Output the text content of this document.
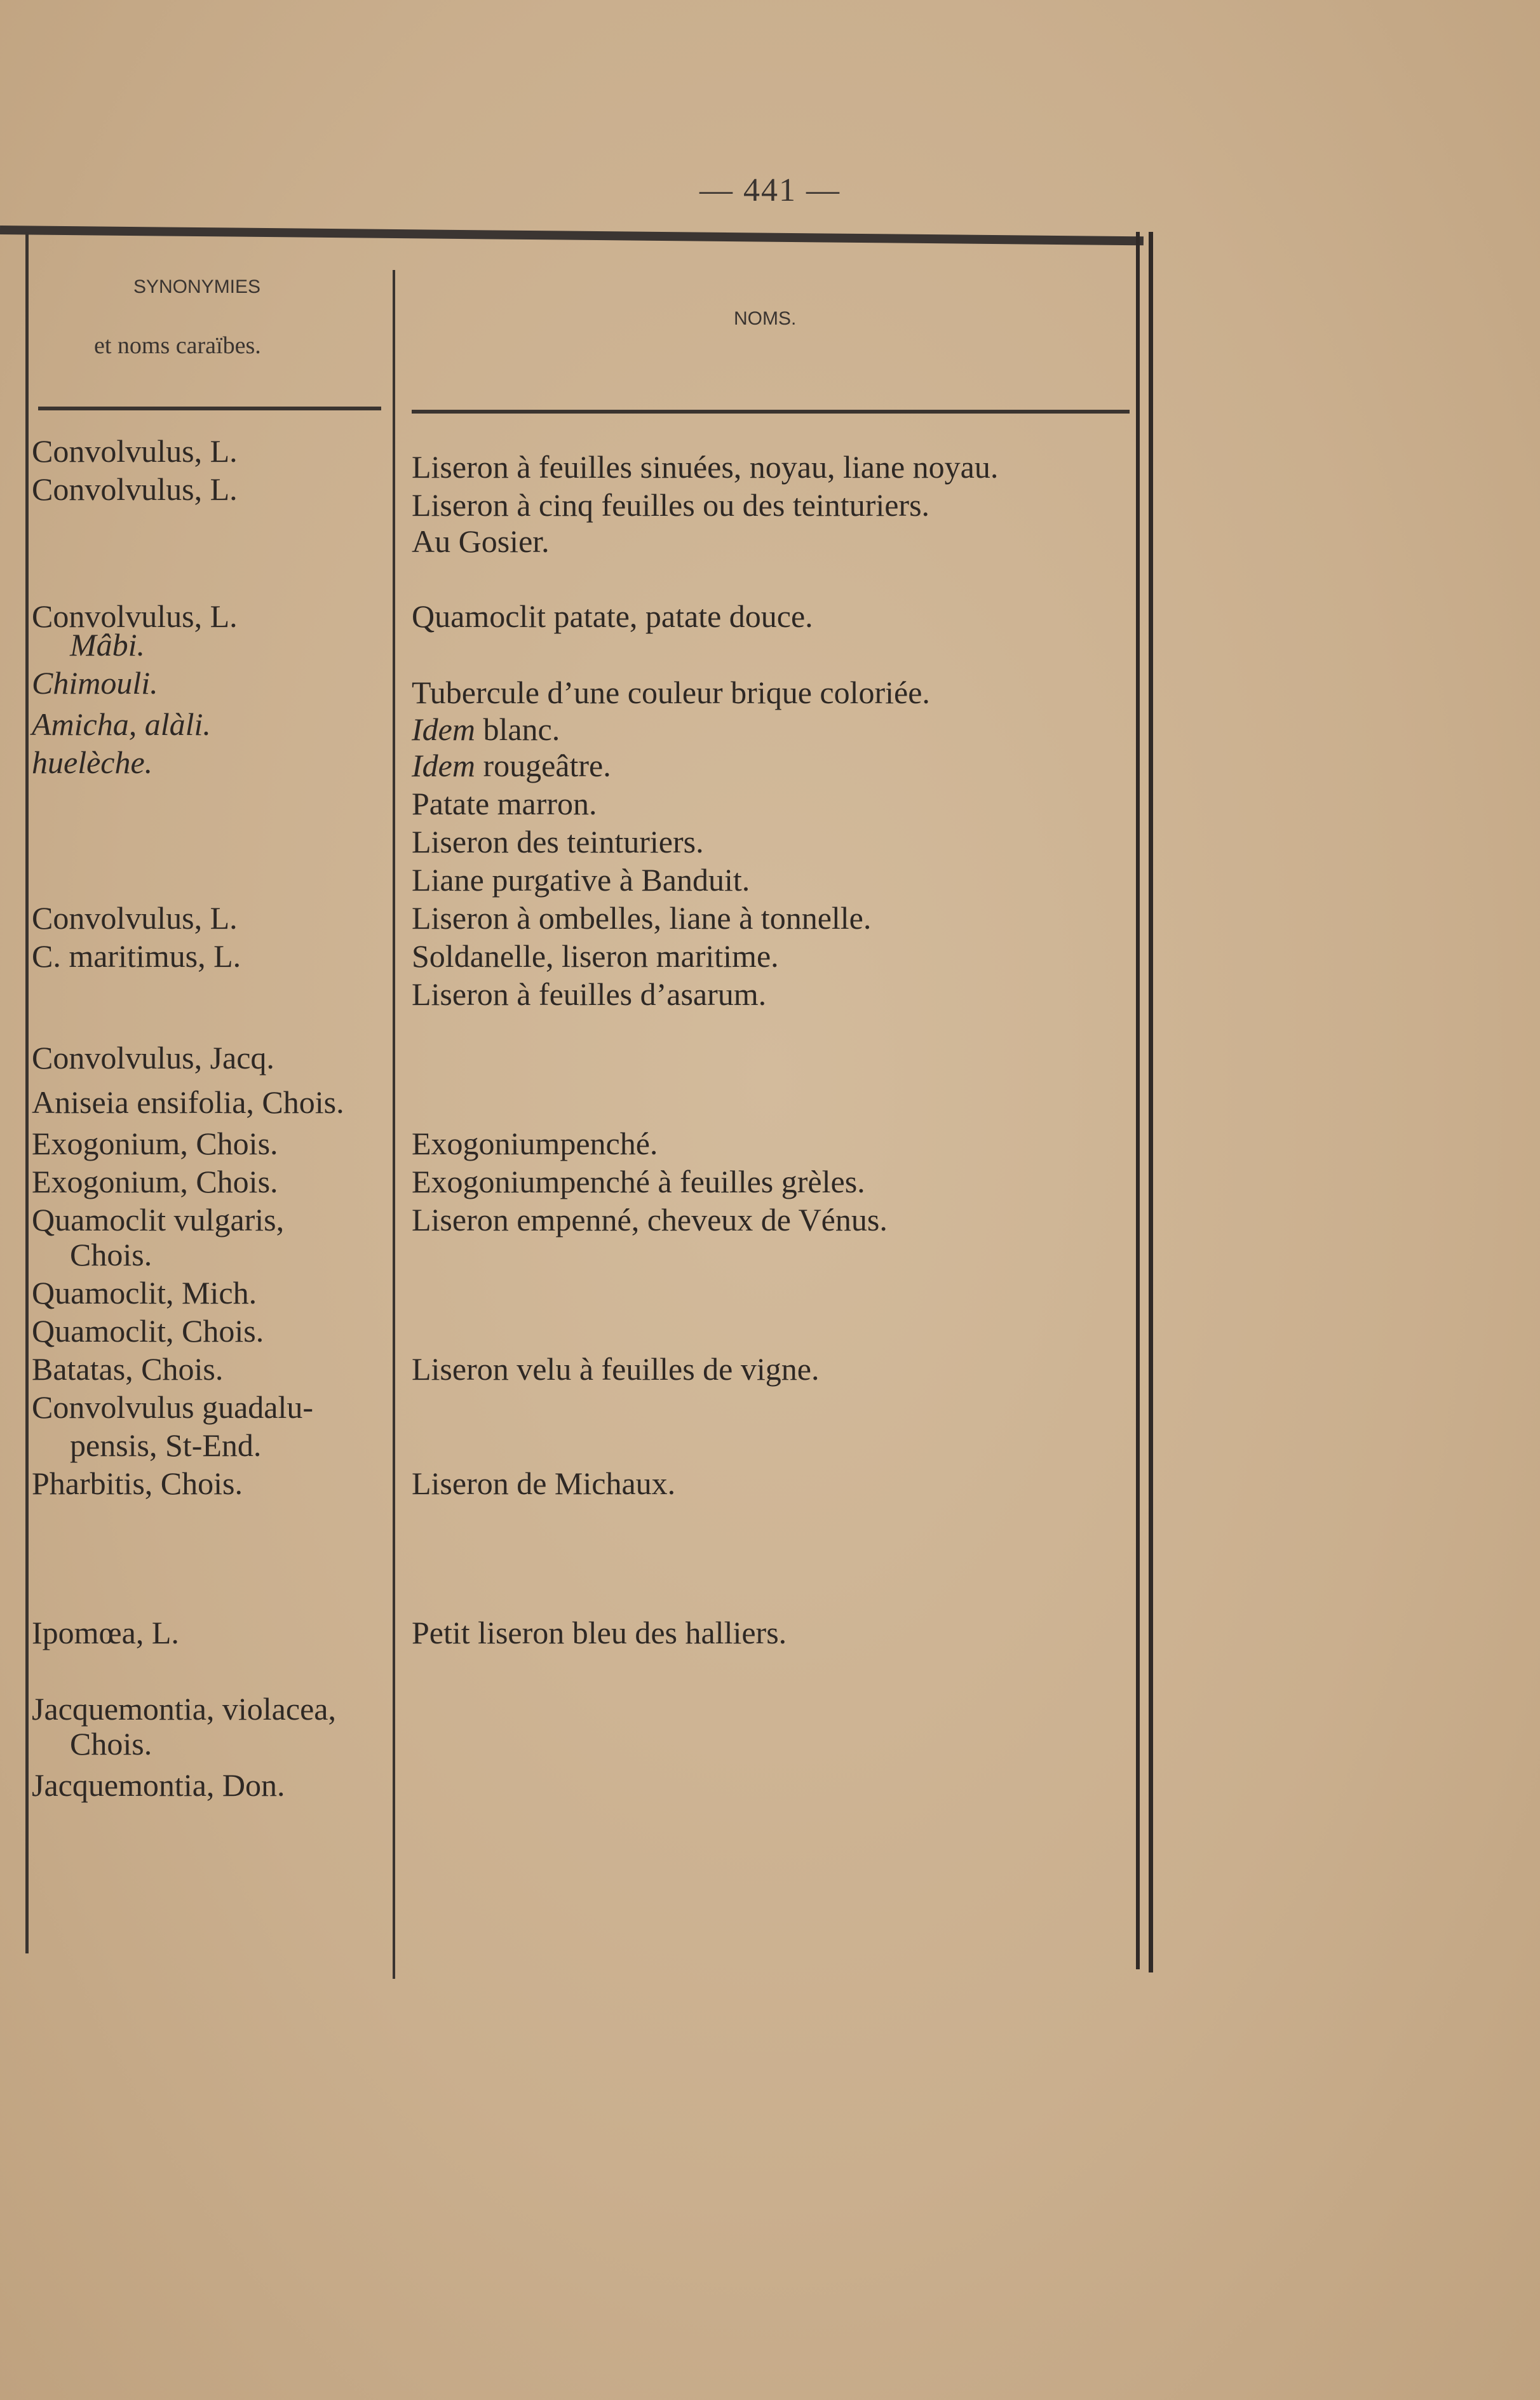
— 441 —
SYNONYMIES
et noms caraïbes.
NOMS.
Convolvulus, L.
Convolvulus, L.
Convolvulus, L.
Mâbi.
Chimouli.
Amicha, alàli.
huelèche.
Convolvulus, L.
C. maritimus, L.
Convolvulus, Jacq.
Aniseia ensifolia, Chois.
Exogonium, Chois.
Exogonium, Chois.
Quamoclit vulgaris,
Chois.
Quamoclit, Mich.
Quamoclit, Chois.
Batatas, Chois.
Convolvulus guadalu-
pensis, St-End.
Pharbitis, Chois.
Ipomœa, L.
Jacquemontia, violacea,
Chois.
Jacquemontia, Don.
Liseron à feuilles sinuées, noyau, liane noyau.
Liseron à cinq feuilles ou des teinturiers.
Au Gosier.
Quamoclit patate, patate douce.
Tubercule d’une couleur brique coloriée.
Idem blanc.
Idem rougeâtre.
Patate marron.
Liseron des teinturiers.
Liane purgative à Banduit.
Liseron à ombelles, liane à tonnelle.
Soldanelle, liseron maritime.
Liseron à feuilles d’asarum.
Exogoniumpenché.
Exogoniumpenché à feuilles grèles.
Liseron empenné, cheveux de Vénus.
Liseron velu à feuilles de vigne.
Liseron de Michaux.
Petit liseron bleu des halliers.
